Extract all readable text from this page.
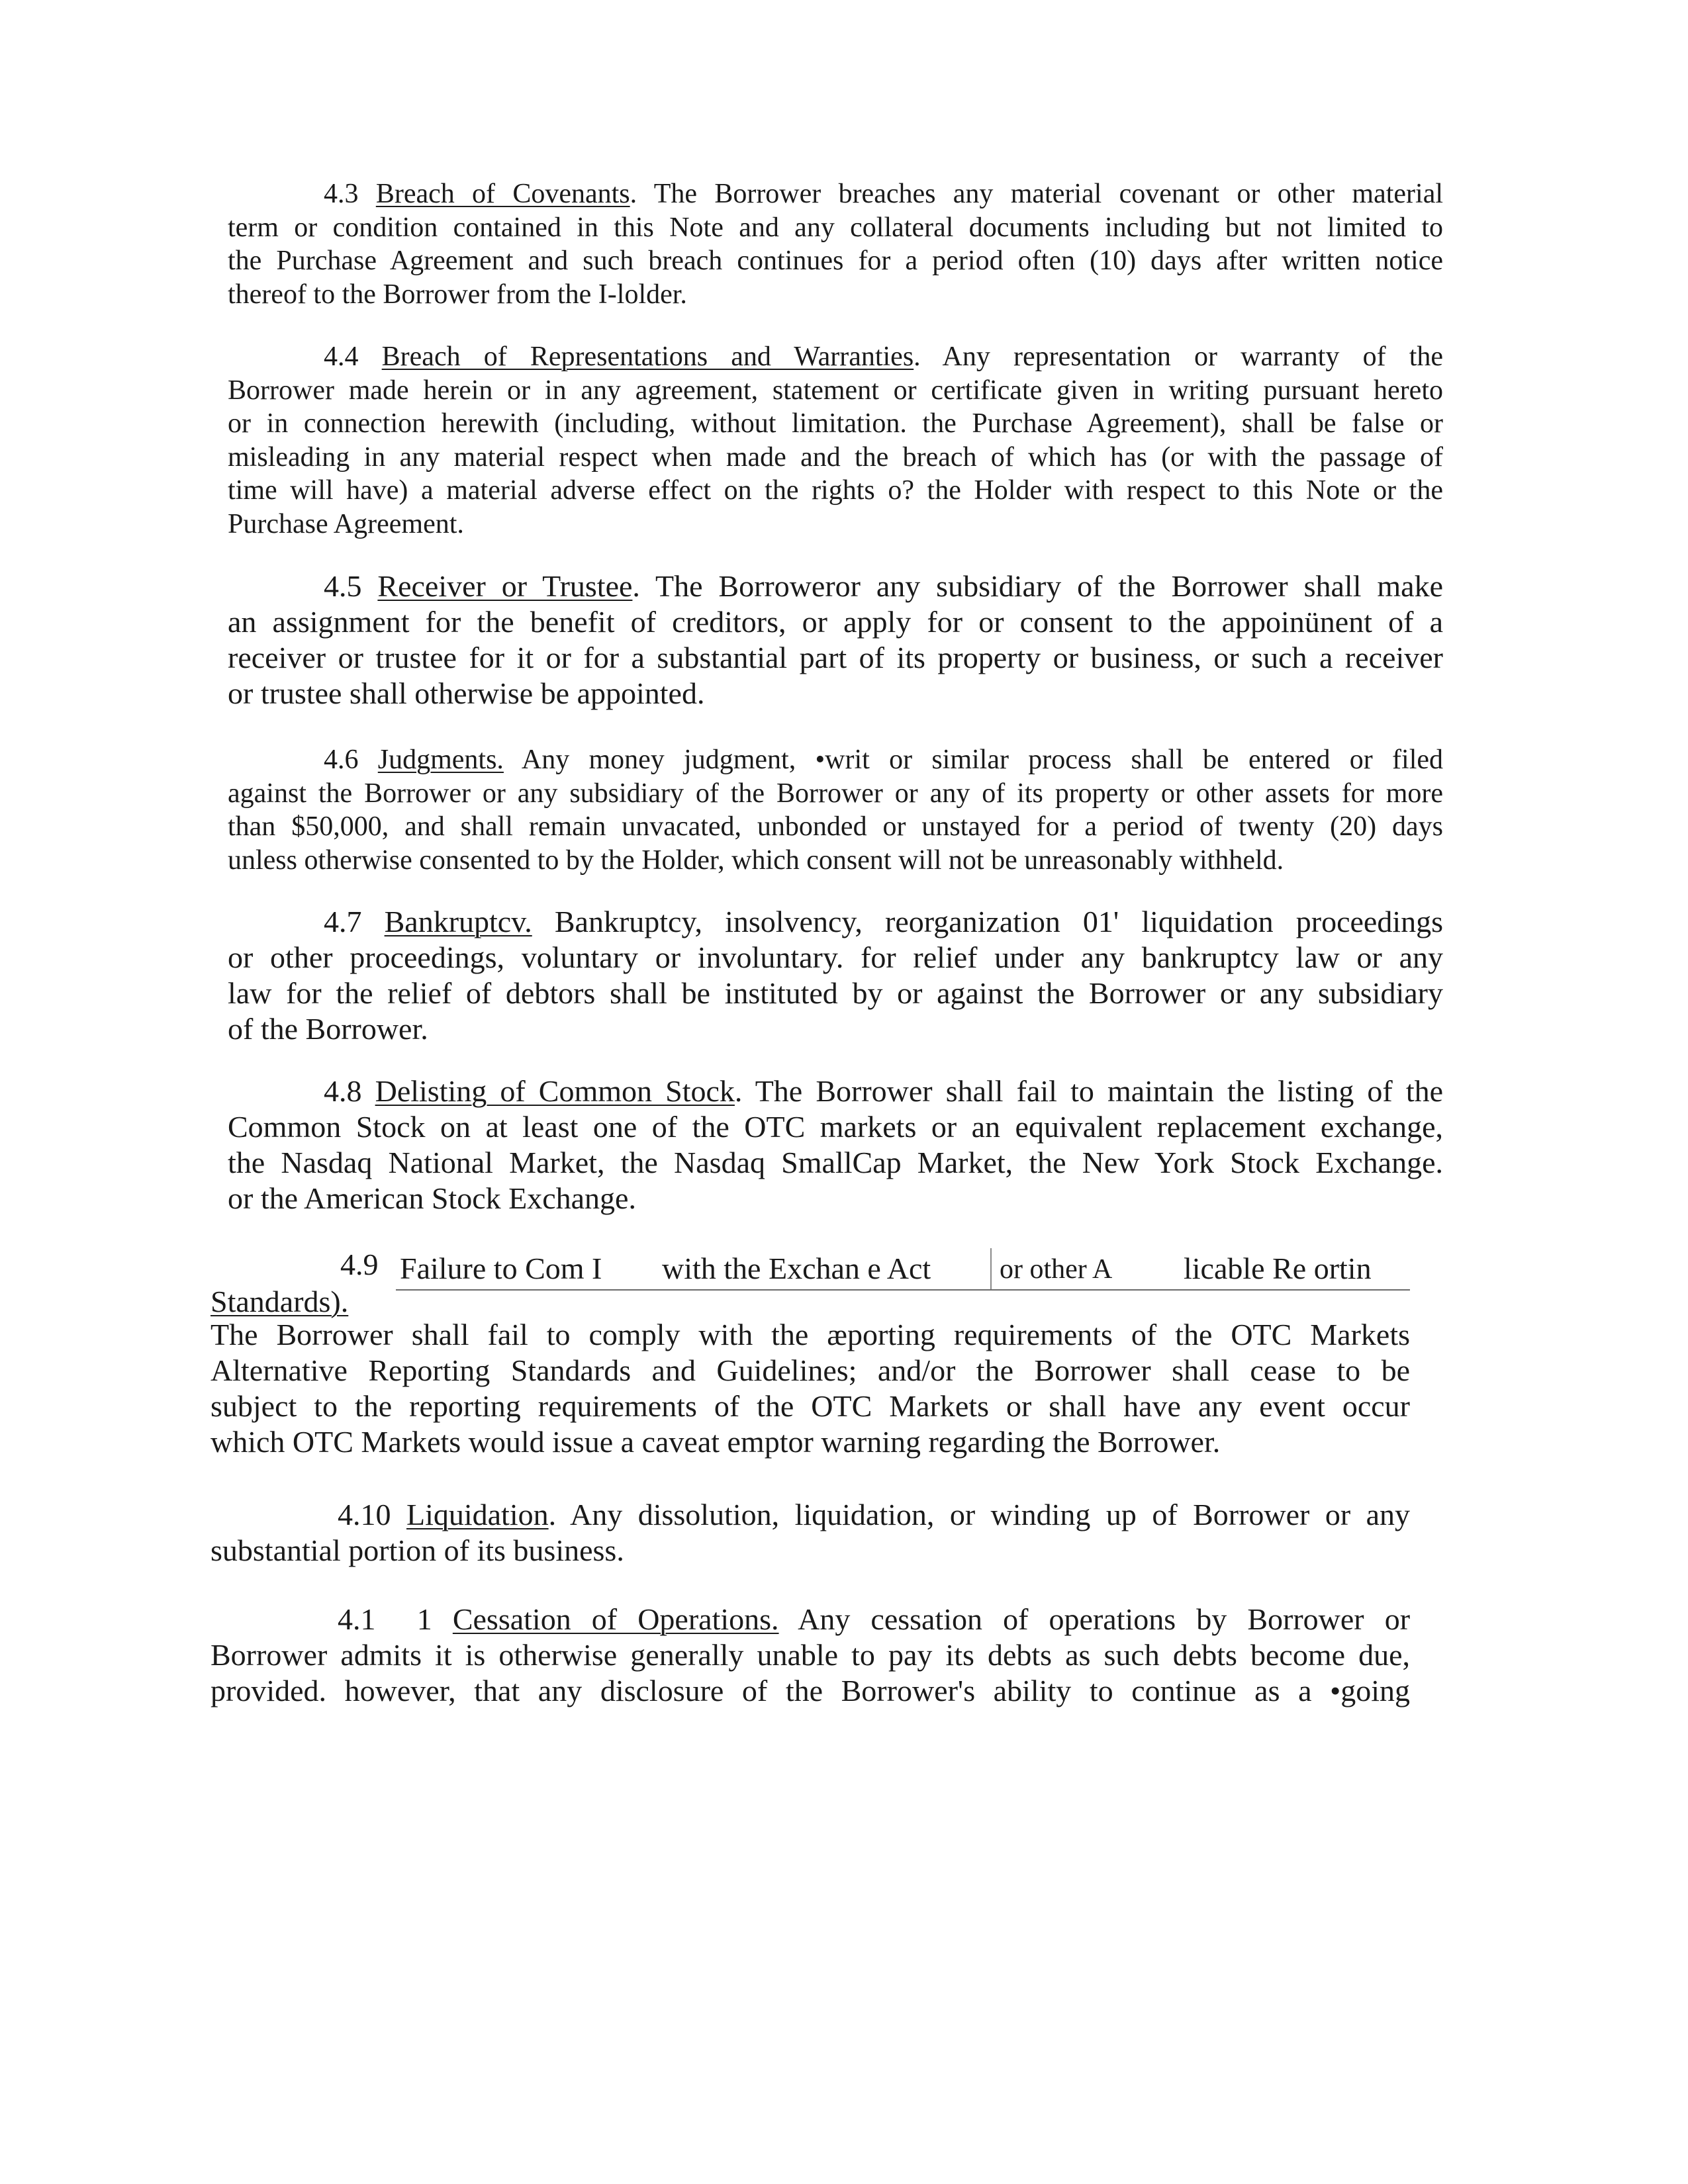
4.3 Breach of Covenants. The Borrower breaches any material covenant or other material
term or condition contained in this Note and any collateral documents including but not limited to
the Purchase Agreement and such breach continues for a period often (10) days after written notice
thereof to the Borrower from the I-lolder.
4.4 Breach of Representations and Warranties. Any representation or warranty of the
Borrower made herein or in any agreement, statement or certificate given in writing pursuant hereto
or in connection herewith (including, without limitation. the Purchase Agreement), shall be false or
misleading in any material respect when made and the breach of which has (or with the passage of
time will have) a material adverse effect on the rights o? the Holder with respect to this Note or the
Purchase Agreement.
4.5 Receiver or Trustee. The Borroweror any subsidiary of the Borrower shall make
an assignment for the benefit of creditors, or apply for or consent to the appoinünent of a
receiver or trustee for it or for a substantial part of its property or business, or such a receiver
or trustee shall otherwise be appointed.
4.6 Judgments. Any money judgment, •writ or similar process shall be entered or filed
against the Borrower or any subsidiary of the Borrower or any of its property or other assets for more
than $50,000, and shall remain unvacated, unbonded or unstayed for a period of twenty (20) days
unless otherwise consented to by the Holder, which consent will not be unreasonably withheld.
4.7 Bankruptcv. Bankruptcy, insolvency, reorganization 01' liquidation proceedings
or other proceedings, voluntary or involuntary. for relief under any bankruptcy law or any
law for the relief of debtors shall be instituted by or against the Borrower or any subsidiary
of the Borrower.
4.8 Delisting of Common Stock. The Borrower shall fail to maintain the listing of the
Common Stock on at least one of the OTC markets or an equivalent replacement exchange,
the Nasdaq National Market, the Nasdaq SmallCap Market, the New York Stock Exchange.
or the American Stock Exchange.
4.9 Failure to Com I with the Exchan e Act or other A licable Re ortin
Standards).
The Borrower shall fail to comply with the æporting requirements of the OTC Markets
Alternative Reporting Standards and Guidelines; and/or the Borrower shall cease to be
subject to the reporting requirements of the OTC Markets or shall have any event occur
which OTC Markets would issue a caveat emptor warning regarding the Borrower.
4.10 Liquidation. Any dissolution, liquidation, or winding up of Borrower or any
substantial portion of its business.
4.1  1 Cessation of Operations. Any cessation of operations by Borrower or
Borrower admits it is otherwise generally unable to pay its debts as such debts become due,
provided. however, that any disclosure of the Borrower's ability to continue as a •going
